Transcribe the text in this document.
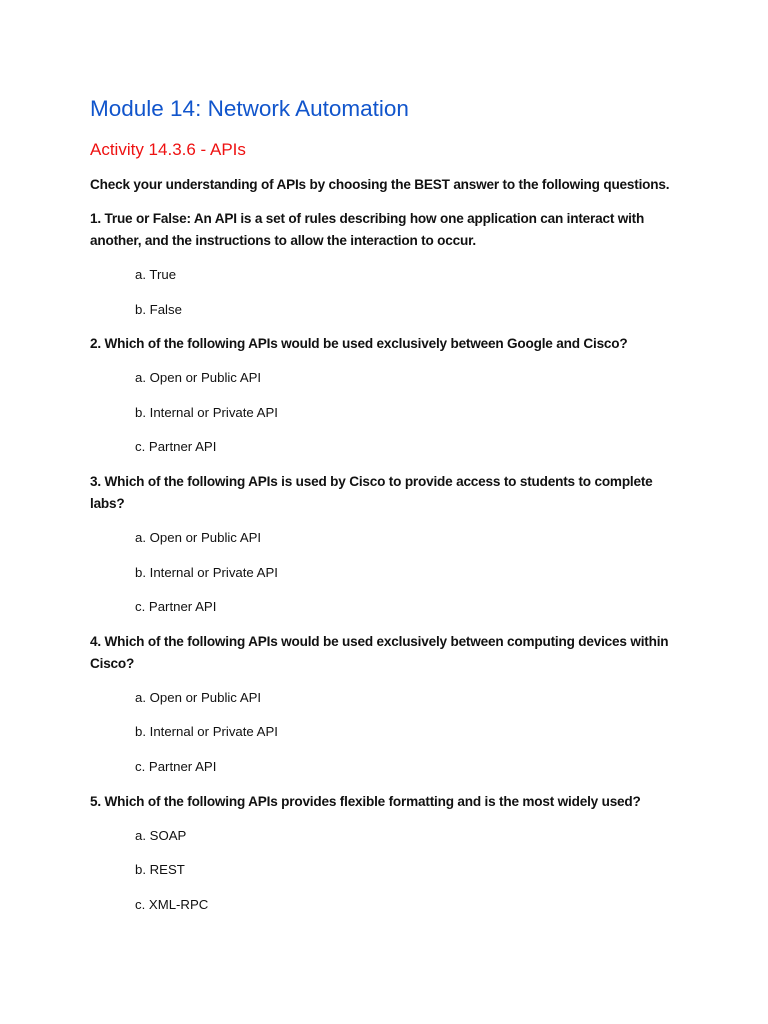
Module 14: Network Automation
Activity 14.3.6 - APIs

Check your understanding of APIs by choosing the BEST answer to the following questions.

1. True or False: An API is a set of rules describing how one application can interact with another, and the instructions to allow the interaction to occur.

a. True

b. False

2. Which of the following APIs would be used exclusively between Google and Cisco?

a. Open or Public API

b. Internal or Private API

c. Partner API

3. Which of the following APIs is used by Cisco to provide access to students to complete labs?

a. Open or Public API

b. Internal or Private API

c. Partner API

4. Which of the following APIs would be used exclusively between computing devices within Cisco?

a. Open or Public API

b. Internal or Private API

c. Partner API

5. Which of the following APIs provides flexible formatting and is the most widely used?

a. SOAP

b. REST

c. XML-RPC
